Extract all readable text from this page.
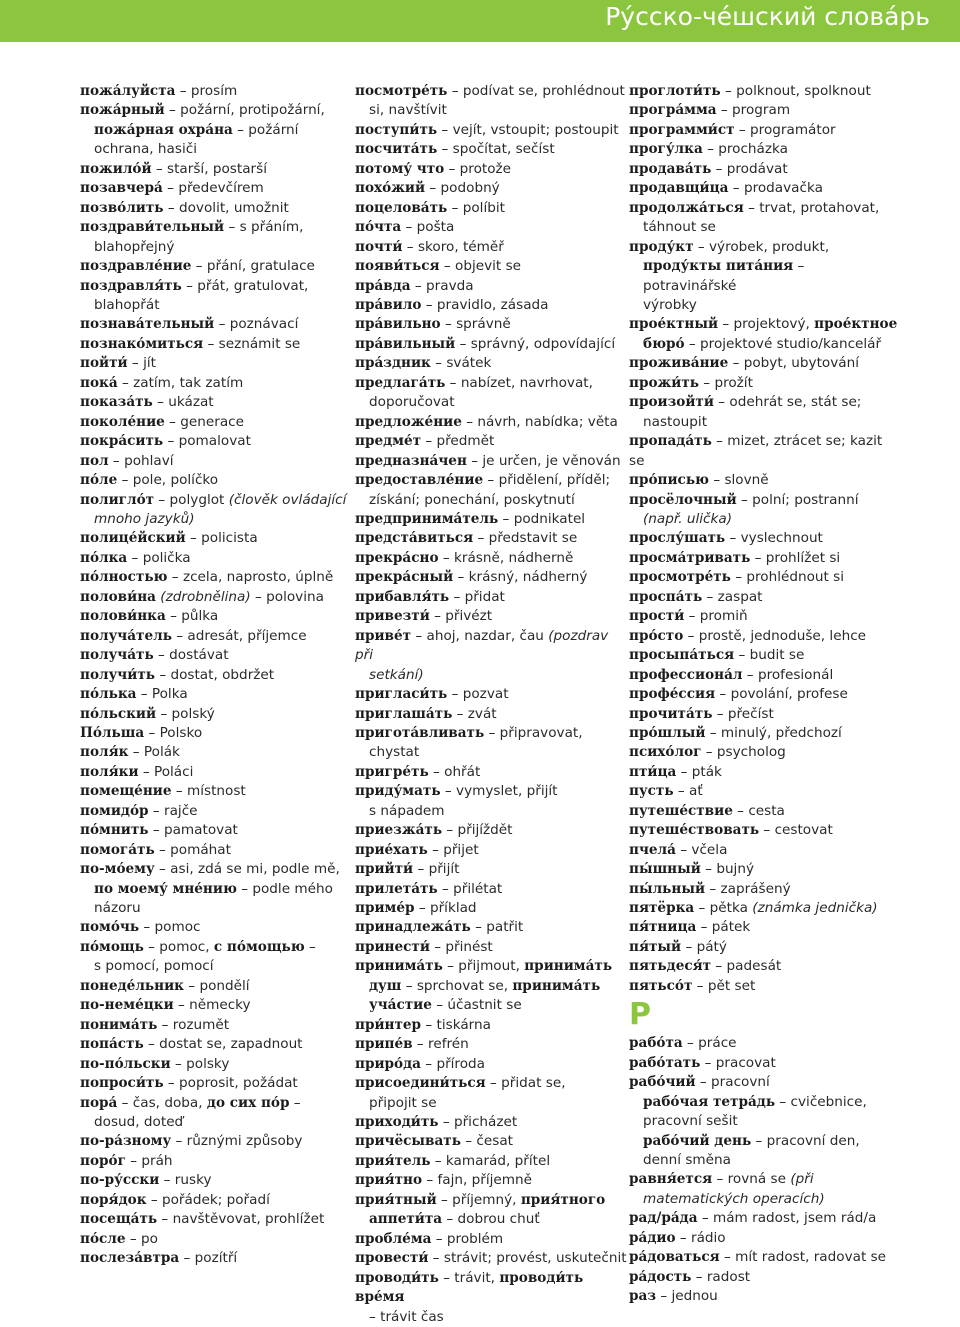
Ру́сско-че́шский слова́рь

пожа́луйста – prosím

пожа́рный – požární, protipožární,

пожа́рная охра́на – požární

ochrana, hasiči

пожило́й – starší, postarší

позавчера́ – předevčírem

позво́лить – dovolit, umožnit

поздрави́тельный – s přáním,

blahopřejný

поздравле́ние – přání, gratulace

поздравля́ть – přát, gratulovat,

blahopřát

познава́тельный – poznávací

познако́миться – seznámit se

пойти́ – jít

пока́ – zatím, tak zatím

показа́ть – ukázat

поколе́ние – generace

покра́сить – pomalovat

пол – pohlaví

по́ле – pole, políčko

полигло́т – polyglot (člověk ovládající

mnoho jazyků)

полице́йский – policista

по́лка – polička

по́лностью – zcela, naprosto, úplně

полови́на (zdrobnělina) – polovina

полови́нка – půlka

получа́тель – adresát, příjemce

получа́ть – dostávat

получи́ть – dostat, obdržet

по́лька – Polka

по́льский – polský

По́льша – Polsko

поля́к – Polák

поля́ки – Poláci

помеще́ние – místnost

помидо́р – rajče

по́мнить – pamatovat

помога́ть – pomáhat

по-мо́ему – asi, zdá se mi, podle mě,

по моему́ мне́нию – podle mého

názoru

помо́чь – pomoc

по́мощь – pomoc, с по́мощью –

s pomocí, pomocí

понеде́льник – pondělí

по-неме́цки – německy

понима́ть – rozumět

попа́сть – dostat se, zapadnout

по-по́льски – polsky

попроси́ть – poprosit, požádat

пора́ – čas, doba, до сих по́р –

dosud, doteď

по-ра́зному – různými způsoby

поро́г – práh

по-ру́сски – rusky

поря́док – pořádek; pořadí

посеща́ть – navštěvovat, prohlížet

по́сле – po

послеза́втра – pozítří

посмотре́ть – podívat se, prohlédnout

si, navštívit

поступи́ть – vejít, vstoupit; postoupit

посчита́ть – spočítat, sečíst

потому́ что – protože

похо́жий – podobný

поцелова́ть – políbit

по́чта – pošta

почти́ – skoro, téměř

появи́ться – objevit se

пра́вда – pravda

пра́вило – pravidlo, zásada

пра́вильно – správně

пра́вильный – správný, odpovídající

пра́здник – svátek

предлага́ть – nabízet, navrhovat,

doporučovat

предложе́ние – návrh, nabídka; věta

предме́т – předmět

предназна́чен – je určen, je věnován

предоставле́ние – přidělení, příděl;

získání; ponechání, poskytnutí

предпринима́тель – podnikatel

предста́виться – představit se

прекра́сно – krásně, nádherně

прекра́сный – krásný, nádherný

прибавля́ть – přidat

привезти́ – přivézt

приве́т – ahoj, nazdar, čau (pozdrav při

setkání)

пригласи́ть – pozvat

приглаша́ть – zvát

пригота́вливать – připravovat,

chystat

пригре́ть – ohřát

приду́мать – vymyslet, přijít

s nápadem

приезжа́ть – přijíždět

прие́хать – přijet

прийти́ – přijít

прилета́ть – přilétat

приме́р – příklad

принадлежа́ть – patřit

принести́ – přinést

принима́ть – přijmout, принима́ть

душ – sprchovat se, принима́ть

уча́стие – účastnit se

при́нтер – tiskárna

припе́в – refrén

приро́да – příroda

присоедини́ться – přidat se,

připojit se

приходи́ть – přicházet

причёсывать – česat

прия́тель – kamarád, přítel

прия́тно – fajn, příjemně

прия́тный – příjemný, прия́тного

аппети́та – dobrou chuť

пробле́ма – problém

провести́ – strávit; provést, uskutečnit

проводи́ть – trávit, проводи́ть вре́мя

– trávit čas

проглоти́ть – polknout, spolknout

програ́мма – program

программи́ст – programátor

прогу́лка – procházka

продава́ть – prodávat

продавщи́ца – prodavačka

продолжа́ться – trvat, protahovat,

táhnout se

проду́кт – výrobek, produkt,

проду́кты пита́ния – potravinářské

výrobky

прое́ктный – projektový, прое́ктное

бюро́ – projektové studio/kancelář

прожива́ние – pobyt, ubytování

прожи́ть – prožít

произойти́ – odehrát se, stát se;

nastoupit

пропада́ть – mizet, ztrácet se; kazit se

про́писью – slovně

просёлочный – polní; postranní

(např. ulička)

прослу́шать – vyslechnout

просма́тривать – prohlížet si

просмотре́ть – prohlédnout si

проспа́ть – zaspat

прости́ – promiň

про́сто – prostě, jednoduše, lehce

просыпа́ться – budit se

профессиона́л – profesionál

профе́ссия – povolání, profese

прочита́ть – přečíst

про́шлый – minulý, předchozí

психо́лог – psycholog

пти́ца – pták

пусть – ať

путеше́ствие – cesta

путеше́ствовать – cestovat

пчела́ – včela

пы́шный – bujný

пы́льный – zaprášený

пятёрка – pětka (známka jednička)

пя́тница – pátek

пя́тый – pátý

пятьдеся́т – padesát

пятьсо́т – pět set

Р

рабо́та – práce

рабо́тать – pracovat

рабо́чий – pracovní

рабо́чая тетра́дь – cvičebnice,

pracovní sešit

рабо́чий день – pracovní den,

denní směna

равня́ется – rovná se (při

matematických operacích)

рад/ра́да – mám radost, jsem rád/a

ра́дио – rádio

ра́доваться – mít radost, radovat se

ра́дость – radost

раз – jednou
